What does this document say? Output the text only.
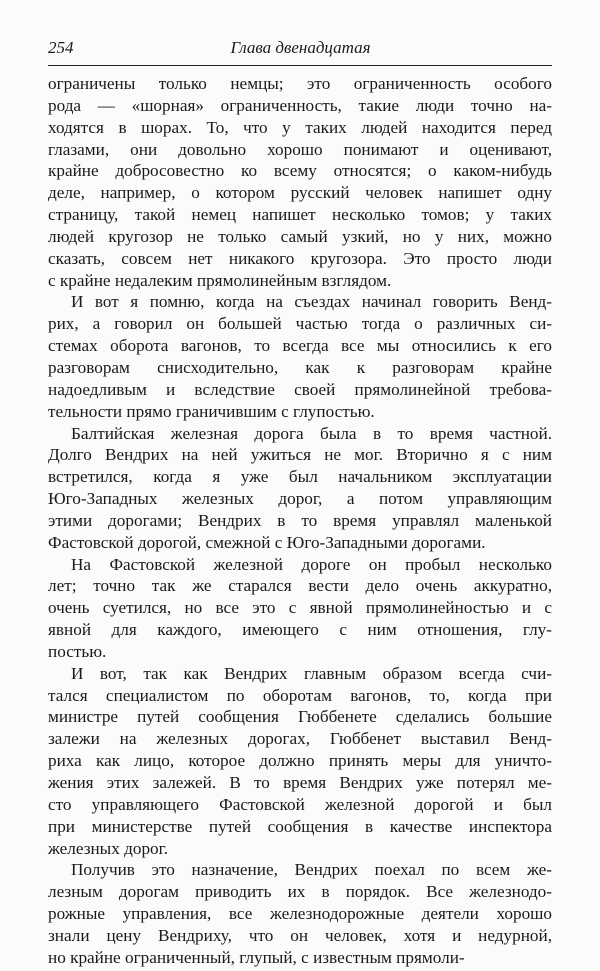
254	Глава двенадцатая
ограничены только немцы; это ограниченность особого
рода — «шорная» ограниченность, такие люди точно на-
ходятся в шорах. То, что у таких людей находится перед
глазами, они довольно хорошо понимают и оценивают,
крайне добросовестно ко всему относятся; о каком-нибудь
деле, например, о котором русский человек напишет одну
страницу, такой немец напишет несколько томов; у таких
людей кругозор не только самый узкий, но у них, можно
сказать, совсем нет никакого кругозора. Это просто люди
с крайне недалеким прямолинейным взглядом.
И вот я помню, когда на съездах начинал говорить Венд-
рих, а говорил он большей частью тогда о различных си-
стемах оборота вагонов, то всегда все мы относились к его
разговорам снисходительно, как к разговорам крайне
надоедливым и вследствие своей прямолинейной требова-
тельности прямо граничившим с глупостью.
Балтийская железная дорога была в то время частной.
Долго Вендрих на ней ужиться не мог. Вторично я с ним
встретился, когда я уже был начальником эксплуатации
Юго-Западных железных дорог, а потом управляющим
этими дорогами; Вендрих в то время управлял маленькой
Фастовской дорогой, смежной с Юго-Западными дорогами.
На Фастовской железной дороге он пробыл несколько
лет; точно так же старался вести дело очень аккуратно,
очень суетился, но все это с явной прямолинейностью и с
явной для каждого, имеющего с ним отношения, глу-
постью.
И вот, так как Вендрих главным образом всегда счи-
тался специалистом по оборотам вагонов, то, когда при
министре путей сообщения Гюббенете сделались большие
залежи на железных дорогах, Гюббенет выставил Венд-
риха как лицо, которое должно принять меры для уничто-
жения этих залежей. В то время Вендрих уже потерял ме-
сто управляющего Фастовской железной дорогой и был
при министерстве путей сообщения в качестве инспектора
железных дорог.
Получив это назначение, Вендрих поехал по всем же-
лезным дорогам приводить их в порядок. Все железнодо-
рожные управления, все железнодорожные деятели хорошо
знали цену Вендриху, что он человек, хотя и недурной,
но крайне ограниченный, глупый, с известным прямоли-
